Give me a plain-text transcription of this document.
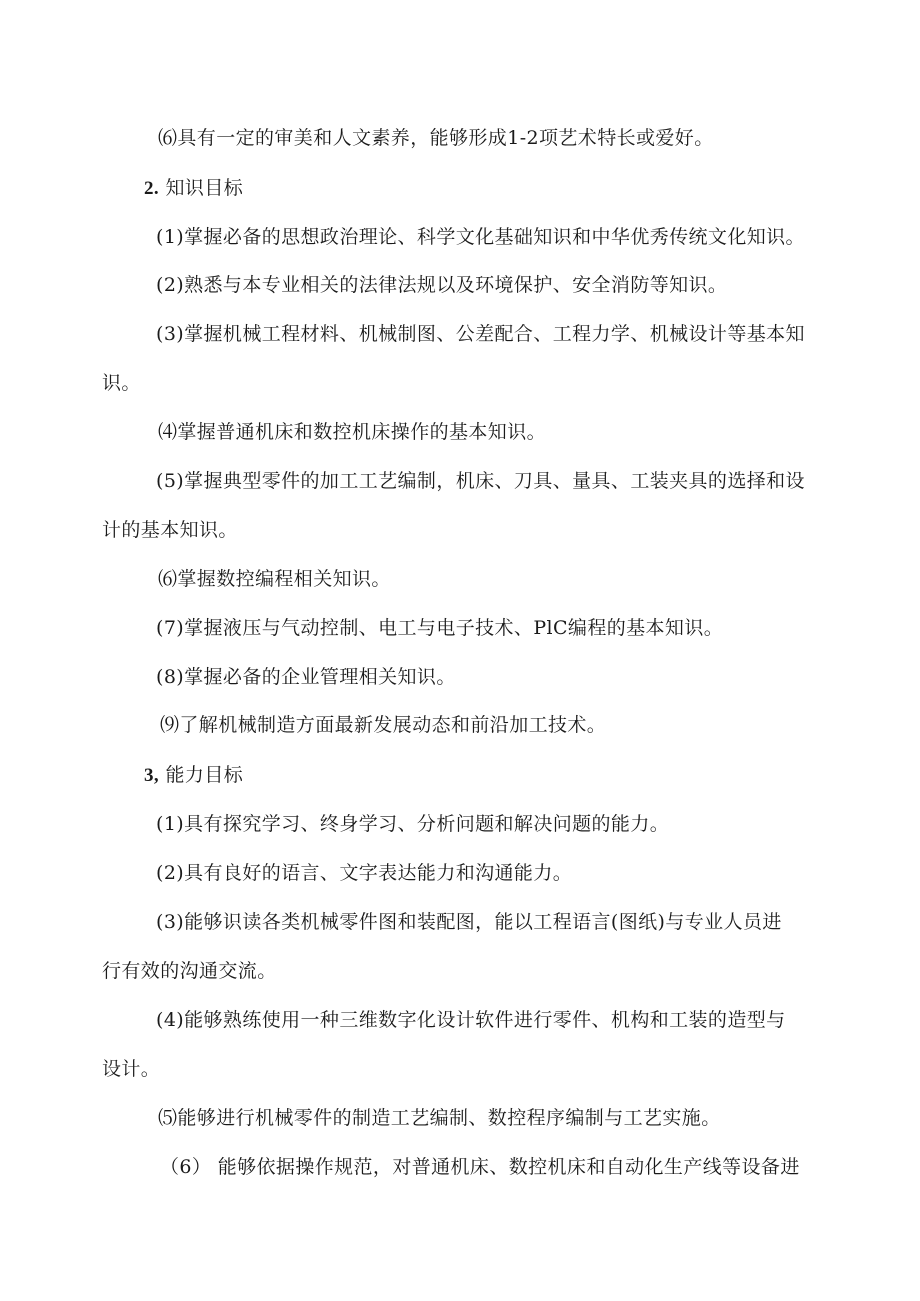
⑹具有一定的审美和人文素养，能够形成1-2项艺术特长或爱好。
2. 知识目标
(1)掌握必备的思想政治理论、科学文化基础知识和中华优秀传统文化知识。
(2)熟悉与本专业相关的法律法规以及环境保护、安全消防等知识。
(3)掌握机械工程材料、机械制图、公差配合、工程力学、机械设计等基本知
识。
⑷掌握普通机床和数控机床操作的基本知识。
(5)掌握典型零件的加工工艺编制，机床、刀具、量具、工装夹具的选择和设
计的基本知识。
⑹掌握数控编程相关知识。
(7)掌握液压与气动控制、电工与电子技术、PlC编程的基本知识。
(8)掌握必备的企业管理相关知识。
⑼了解机械制造方面最新发展动态和前沿加工技术。
3, 能力目标
(1)具有探究学习、终身学习、分析问题和解决问题的能力。
(2)具有良好的语言、文字表达能力和沟通能力。
(3)能够识读各类机械零件图和装配图，能以工程语言(图纸)与专业人员进
行有效的沟通交流。
(4)能够熟练使用一种三维数字化设计软件进行零件、机构和工装的造型与
设计。
⑸能够进行机械零件的制造工艺编制、数控程序编制与工艺实施。
（6） 能够依据操作规范，对普通机床、数控机床和自动化生产线等设备进
